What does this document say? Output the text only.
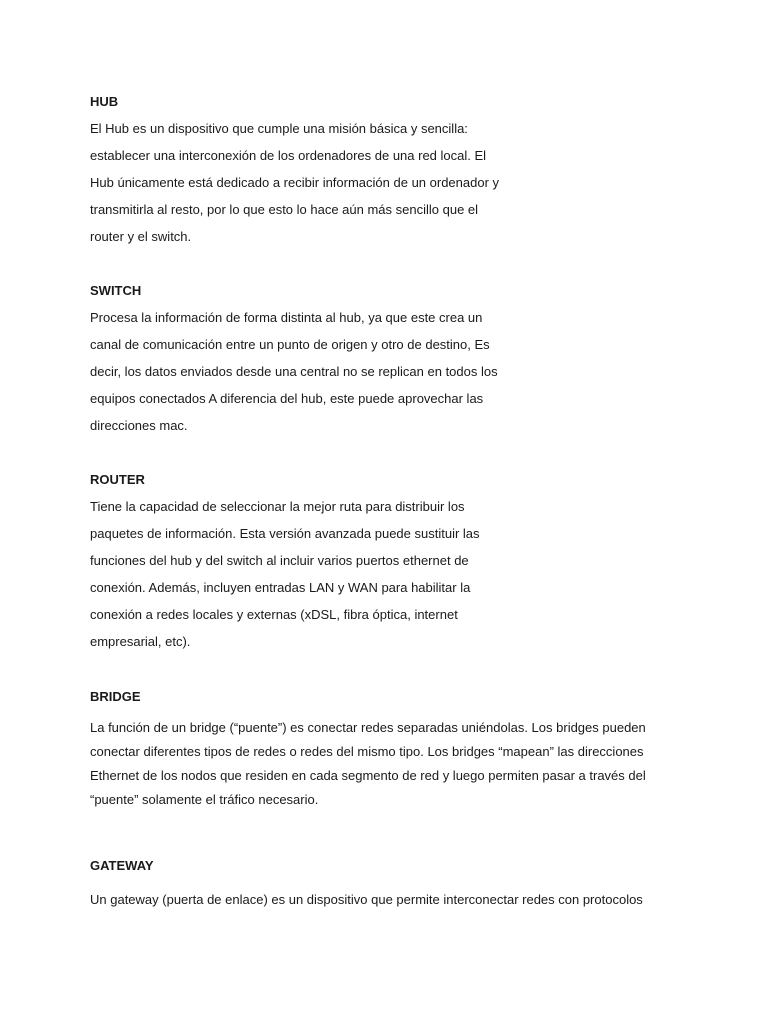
HUB

El Hub es un dispositivo que cumple una misión básica y sencilla:

establecer una interconexión de los ordenadores de una red local. El

Hub únicamente está dedicado a recibir información de un ordenador y

transmitirla al resto, por lo que esto lo hace aún más sencillo que el

router y el switch.

SWITCH

Procesa la información de forma distinta al hub, ya que este crea un

canal de comunicación entre un punto de origen y otro de destino, Es

decir, los datos enviados desde una central no se replican en todos los

equipos conectados A diferencia del hub, este puede aprovechar las

direcciones mac.

ROUTER

Tiene la capacidad de seleccionar la mejor ruta para distribuir los

paquetes de información. Esta versión avanzada puede sustituir las

funciones del hub y del switch al incluir varios puertos ethernet de

conexión. Además, incluyen entradas LAN y WAN para habilitar la

conexión a redes locales y externas (xDSL, fibra óptica, internet

empresarial, etc).

BRIDGE

La función de un bridge (“puente”) es conectar redes separadas uniéndolas. Los bridges pueden

conectar diferentes tipos de redes o redes del mismo tipo. Los bridges “mapean” las direcciones

Ethernet de los nodos que residen en cada segmento de red y luego permiten pasar a través del

“puente” solamente el tráfico necesario.

GATEWAY

Un gateway (puerta de enlace) es un dispositivo que permite interconectar redes con protocolos
